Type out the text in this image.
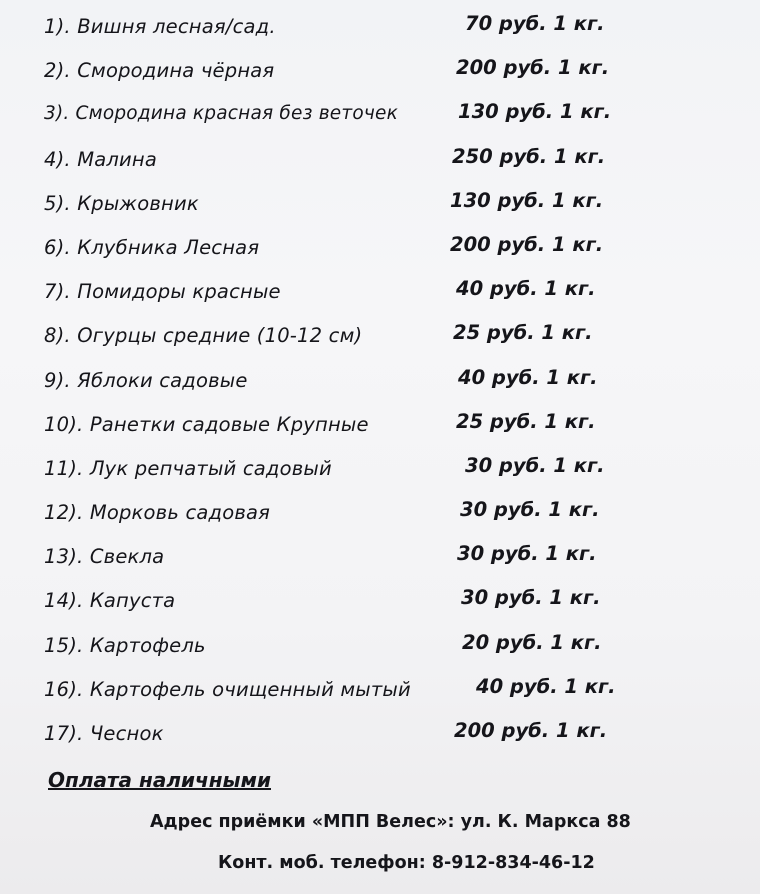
1). Вишня лесная/сад.	70 руб. 1 кг.
2). Смородина чёрная	200 руб. 1 кг.
3). Смородина красная без веточек	130 руб. 1 кг.
4). Малина	250 руб. 1 кг.
5). Крыжовник	130 руб. 1 кг.
6). Клубника Лесная	200 руб. 1 кг.
7). Помидоры красные	40 руб. 1 кг.
8). Огурцы средние (10-12 см)	25 руб. 1 кг.
9). Яблоки садовые	40 руб. 1 кг.
10). Ранетки садовые Крупные	25 руб. 1 кг.
11). Лук репчатый садовый	30 руб. 1 кг.
12). Морковь садовая	30 руб. 1 кг.
13). Свекла	30 руб. 1 кг.
14). Капуста	30 руб. 1 кг.
15). Картофель	20 руб. 1 кг.
16). Картофель очищенный мытый	40 руб. 1 кг.
17). Чеснок	200 руб. 1 кг.
Оплата наличными
Адрес приёмки «МПП Велес»: ул. К. Маркса 88
Конт. моб. телефон: 8-912-834-46-12
